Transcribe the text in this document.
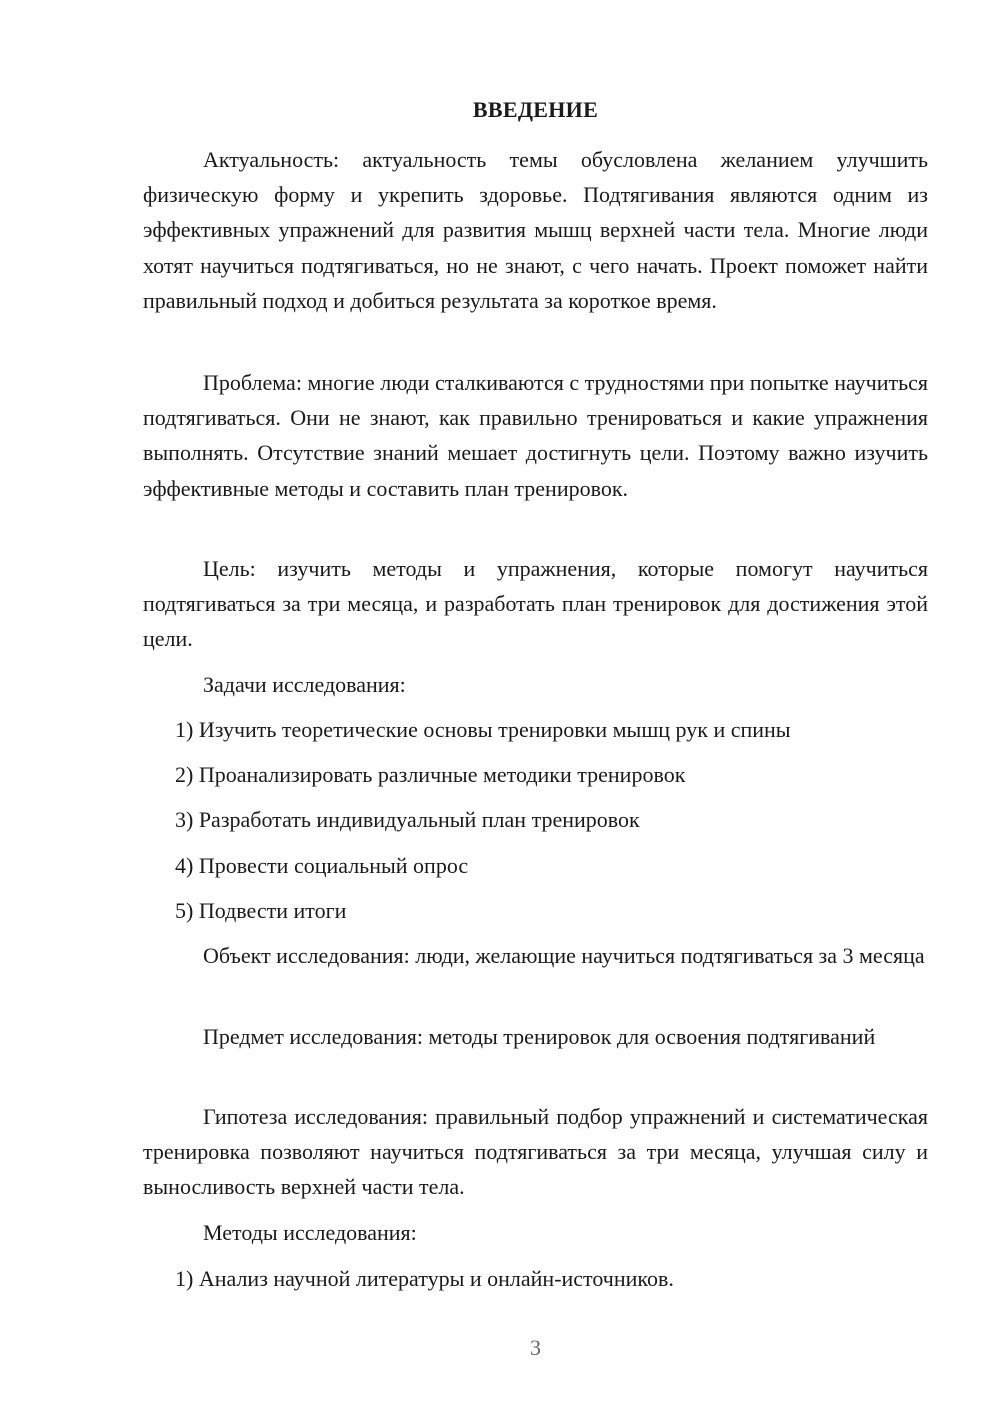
ВВЕДЕНИЕ

Актуальность: актуальность темы обусловлена желанием улучшить физическую форму и укрепить здоровье. Подтягивания являются одним из эффективных упражнений для развития мышц верхней части тела. Многие люди хотят научиться подтягиваться, но не знают, с чего начать. Проект поможет найти правильный подход и добиться результата за короткое время.

Проблема: многие люди сталкиваются с трудностями при попытке научиться подтягиваться. Они не знают, как правильно тренироваться и какие упражнения выполнять. Отсутствие знаний мешает достигнуть цели. Поэтому важно изучить эффективные методы и составить план тренировок.

Цель: изучить методы и упражнения, которые помогут научиться подтягиваться за три месяца, и разработать план тренировок для достижения этой цели.

Задачи исследования:

1) Изучить теоретические основы тренировки мышц рук и спины

2) Проанализировать различные методики тренировок

3) Разработать индивидуальный план тренировок

4) Провести социальный опрос

5) Подвести итоги

Объект исследования: люди, желающие научиться подтягиваться за 3 месяца

Предмет исследования: методы тренировок для освоения подтягиваний

Гипотеза исследования: правильный подбор упражнений и систематическая тренировка позволяют научиться подтягиваться за три месяца, улучшая силу и выносливость верхней части тела.

Методы исследования:

1) Анализ научной литературы и онлайн-источников.

3
